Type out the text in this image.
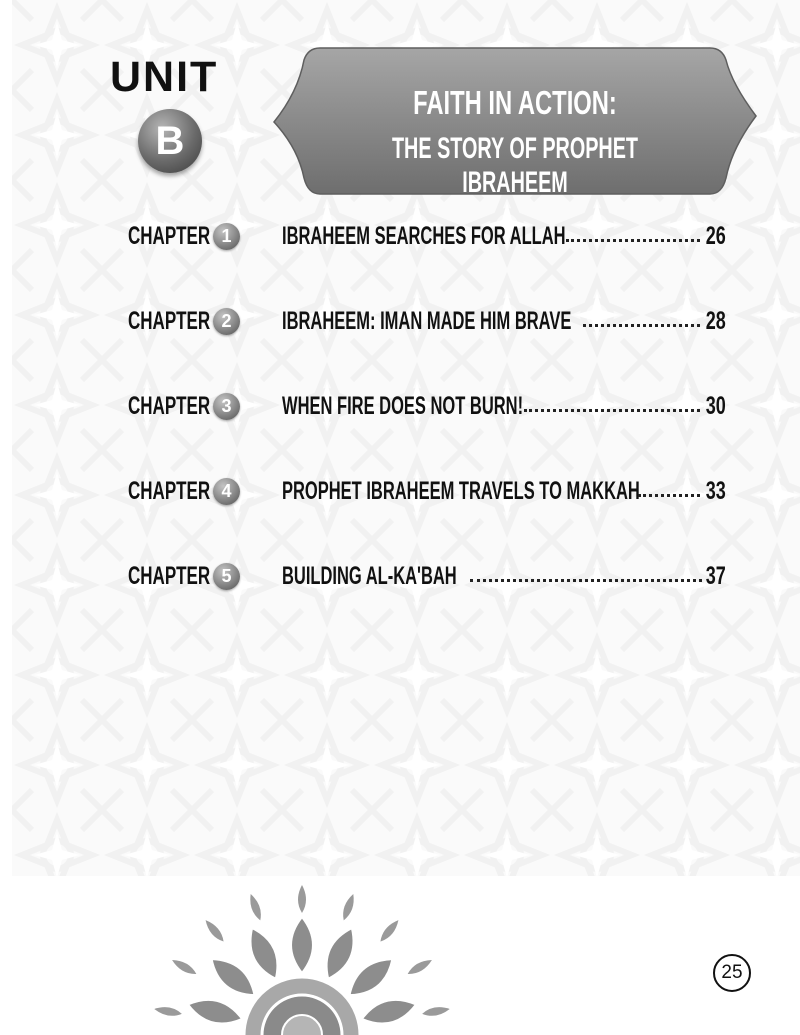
UNIT
B
FAITH IN ACTION:
THE STORY OF PROPHET IBRAHEEM
CHAPTER 1	IBRAHEEM SEARCHES FOR ALLAH	26
CHAPTER 2	IBRAHEEM: IMAN MADE HIM BRAVE	28
CHAPTER 3	WHEN FIRE DOES NOT BURN!	30
CHAPTER 4	PROPHET IBRAHEEM TRAVELS TO MAKKAH	33
CHAPTER 5	BUILDING AL-KA'BAH	37
25
